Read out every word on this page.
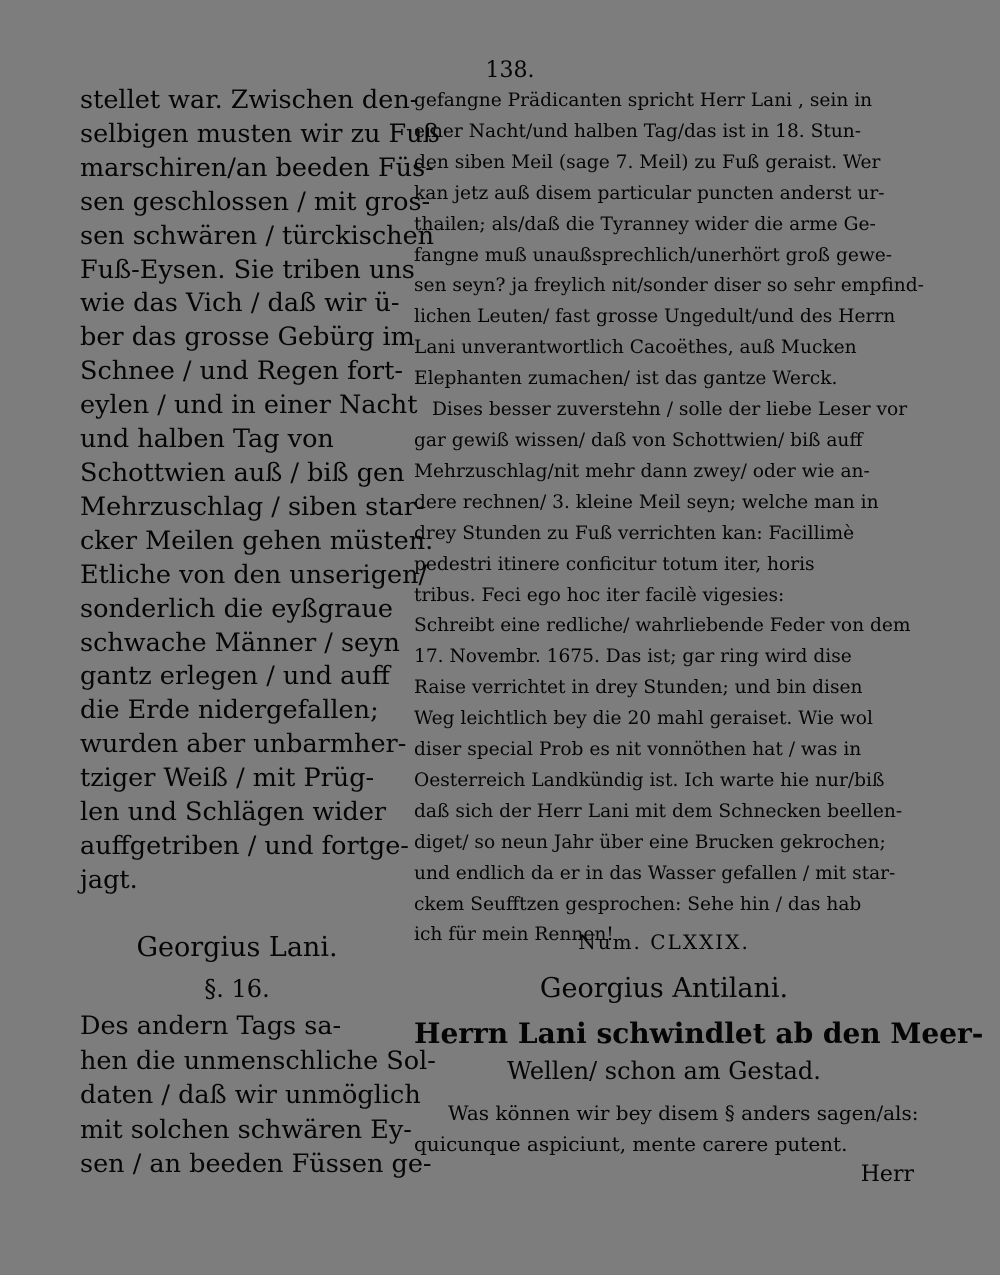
138.
stellet war. Zwischen den-
selbigen musten wir zu Fuß
marschiren/an beeden Füs-
sen geschlossen / mit gros-
sen schwären / türckischen
Fuß-Eysen. Sie triben uns
wie das Vich / daß wir ü-
ber das grosse Gebürg im
Schnee / und Regen fort-
eylen / und in einer Nacht
und halben Tag von
Schottwien auß / biß gen
Mehrzuschlag / siben star-
cker Meilen gehen müsten.
Etliche von den unserigen/
sonderlich die eyßgraue
schwache Männer / seyn
gantz erlegen / und auff
die Erde nidergefallen;
wurden aber unbarmher-
tziger Weiß / mit Prüg-
len und Schlägen wider
auffgetriben / und fortge-
jagt.
gefangne Prädicanten spricht Herr Lani , sein in
einer Nacht/und halben Tag/das ist in 18. Stun-
den siben Meil (sage 7. Meil) zu Fuß geraist. Wer
kan jetz auß disem particular puncten anderst ur-
thailen; als/daß die Tyranney wider die arme Ge-
fangne muß unaußsprechlich/unerhört groß gewe-
sen seyn? ja freylich nit/sonder diser so sehr empfind-
lichen Leuten/ fast grosse Ungedult/und des Herrn
Lani unverantwortlich Cacoëthes, auß Mucken
Elephanten zumachen/ ist das gantze Werck.
Dises besser zuverstehn / solle der liebe Leser vor
gar gewiß wissen/ daß von Schottwien/ biß auff
Mehrzuschlag/nit mehr dann zwey/ oder wie an-
dere rechnen/ 3. kleine Meil seyn; welche man in
drey Stunden zu Fuß verrichten kan: Facillimè
pedestri itinere conficitur totum iter, horis
tribus. Feci ego hoc iter facilè vigesies:
Schreibt eine redliche/ wahrliebende Feder von dem
17. Novembr. 1675. Das ist; gar ring wird dise
Raise verrichtet in drey Stunden; und bin disen
Weg leichtlich bey die 20 mahl geraiset. Wie wol
diser special Prob es nit vonnöthen hat / was in
Oesterreich Landkündig ist. Ich warte hie nur/biß
daß sich der Herr Lani mit dem Schnecken beellen-
diget/ so neun Jahr über eine Brucken gekrochen;
und endlich da er in das Wasser gefallen / mit star-
ckem Seufftzen gesprochen: Sehe hin / das hab
ich für mein Rennen!
Georgius Lani.
§. 16.
Des andern Tags sa-
hen die unmenschliche Sol-
daten / daß wir unmöglich
mit solchen schwären Ey-
sen / an beeden Füssen ge-
Num. CLXXIX.
Georgius Antilani.
Herrn Lani schwindlet ab den Meer-
Wellen/ schon am Gestad.
Was können wir bey disem § anders sagen/als:
quicunque aspiciunt, mente carere putent.
Herr
